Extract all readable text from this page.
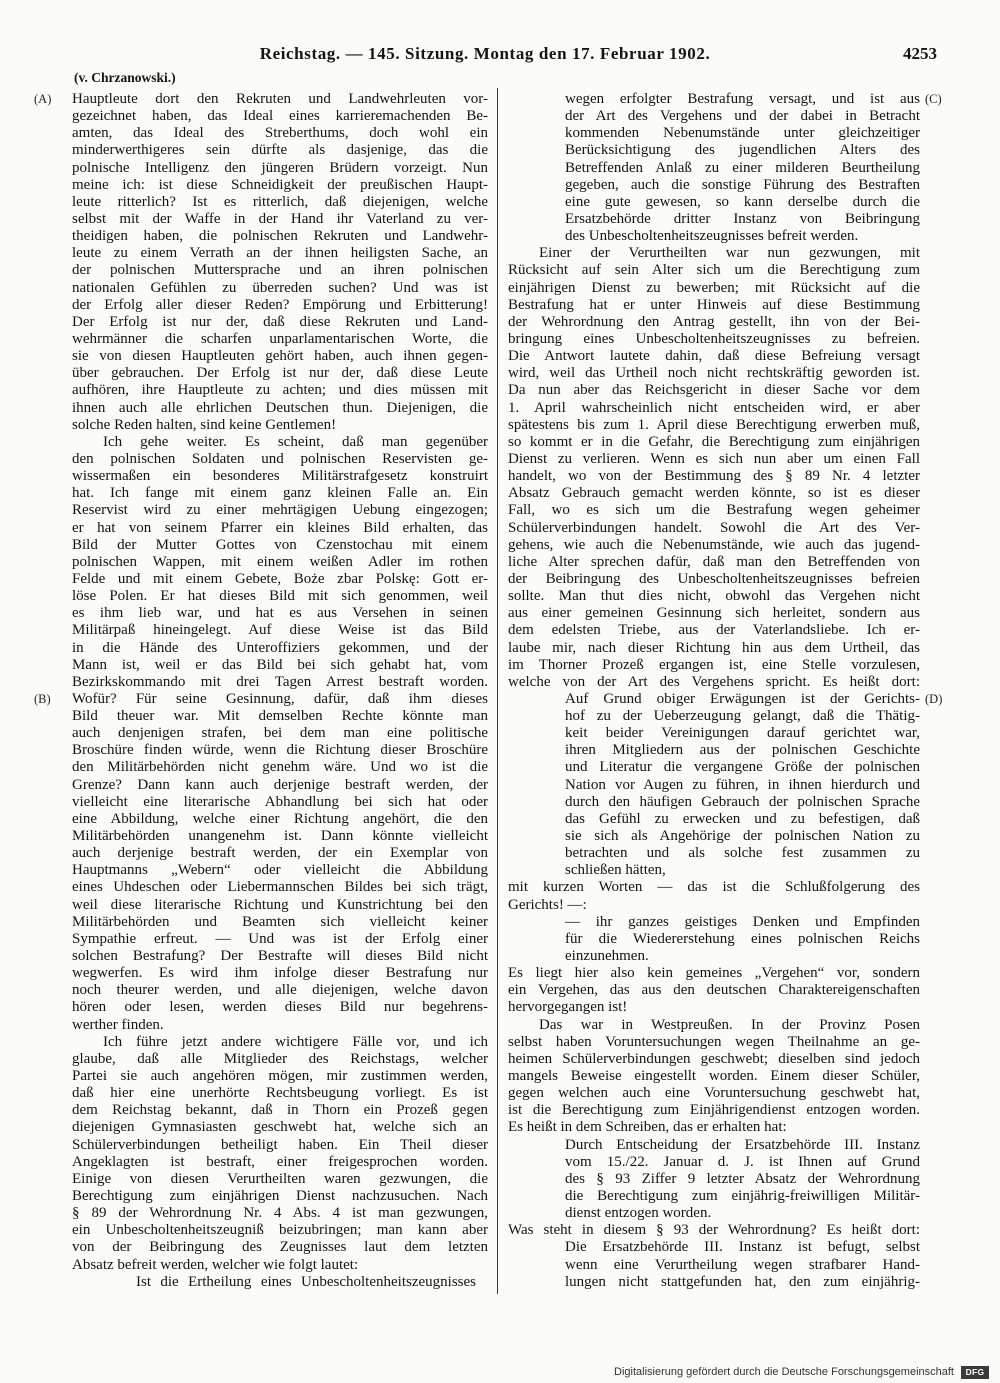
Reichstag. — 145. Sitzung. Montag den 17. Februar 1902.	4253
(v. Chrzanowski.)
(A)
(B)
(C)
(D)
Hauptleute dort den Rekruten und Landwehrleuten vor-
gezeichnet haben, das Ideal eines karrieremachenden Be-
amten, das Ideal des Streberthums, doch wohl ein
minderwerthigeres sein dürfte als dasjenige, das die
polnische Intelligenz den jüngeren Brüdern vorzeigt. Nun
meine ich: ist diese Schneidigkeit der preußischen Haupt-
leute ritterlich? Ist es ritterlich, daß diejenigen, welche
selbst mit der Waffe in der Hand ihr Vaterland zu ver-
theidigen haben, die polnischen Rekruten und Landwehr-
leute zu einem Verrath an der ihnen heiligsten Sache, an
der polnischen Muttersprache und an ihren polnischen
nationalen Gefühlen zu überreden suchen? Und was ist
der Erfolg aller dieser Reden? Empörung und Erbitterung!
Der Erfolg ist nur der, daß diese Rekruten und Land-
wehrmänner die scharfen unparlamentarischen Worte, die
sie von diesen Hauptleuten gehört haben, auch ihnen gegen-
über gebrauchen. Der Erfolg ist nur der, daß diese Leute
aufhören, ihre Hauptleute zu achten; und dies müssen mit
ihnen auch alle ehrlichen Deutschen thun. Diejenigen, die
solche Reden halten, sind keine Gentlemen!
Ich gehe weiter. Es scheint, daß man gegenüber
den polnischen Soldaten und polnischen Reservisten ge-
wissermaßen ein besonderes Militärstrafgesetz konstruirt
hat. Ich fange mit einem ganz kleinen Falle an. Ein
Reservist wird zu einer mehrtägigen Uebung eingezogen;
er hat von seinem Pfarrer ein kleines Bild erhalten, das
Bild der Mutter Gottes von Czenstochau mit einem
polnischen Wappen, mit einem weißen Adler im rothen
Felde und mit einem Gebete, Boże zbar Polskę: Gott er-
löse Polen. Er hat dieses Bild mit sich genommen, weil
es ihm lieb war, und hat es aus Versehen in seinen
Militärpaß hineingelegt. Auf diese Weise ist das Bild
in die Hände des Unteroffiziers gekommen, und der
Mann ist, weil er das Bild bei sich gehabt hat, vom
Bezirkskommando mit drei Tagen Arrest bestraft worden.
Wofür? Für seine Gesinnung, dafür, daß ihm dieses
Bild theuer war. Mit demselben Rechte könnte man
auch denjenigen strafen, bei dem man eine politische
Broschüre finden würde, wenn die Richtung dieser Broschüre
den Militärbehörden nicht genehm wäre. Und wo ist die
Grenze? Dann kann auch derjenige bestraft werden, der
vielleicht eine literarische Abhandlung bei sich hat oder
eine Abbildung, welche einer Richtung angehört, die den
Militärbehörden unangenehm ist. Dann könnte vielleicht
auch derjenige bestraft werden, der ein Exemplar von
Hauptmanns „Webern“ oder vielleicht die Abbildung
eines Uhdeschen oder Liebermannschen Bildes bei sich trägt,
weil diese literarische Richtung und Kunstrichtung bei den
Militärbehörden und Beamten sich vielleicht keiner
Sympathie erfreut. — Und was ist der Erfolg einer
solchen Bestrafung? Der Bestrafte will dieses Bild nicht
wegwerfen. Es wird ihm infolge dieser Bestrafung nur
noch theurer werden, und alle diejenigen, welche davon
hören oder lesen, werden dieses Bild nur begehrens-
werther finden.
Ich führe jetzt andere wichtigere Fälle vor, und ich
glaube, daß alle Mitglieder des Reichstags, welcher
Partei sie auch angehören mögen, mir zustimmen werden,
daß hier eine unerhörte Rechtsbeugung vorliegt. Es ist
dem Reichstag bekannt, daß in Thorn ein Prozeß gegen
diejenigen Gymnasiasten geschwebt hat, welche sich an
Schülerverbindungen betheiligt haben. Ein Theil dieser
Angeklagten ist bestraft, einer freigesprochen worden.
Einige von diesen Verurtheilten waren gezwungen, die
Berechtigung zum einjährigen Dienst nachzusuchen. Nach
§ 89 der Wehrordnung Nr. 4 Abs. 4 ist man gezwungen,
ein Unbescholtenheitszeugniß beizubringen; man kann aber
von der Beibringung des Zeugnisses laut dem letzten
Absatz befreit werden, welcher wie folgt lautet:
Ist die Ertheilung eines Unbescholtenheitszeugnisses
wegen erfolgter Bestrafung versagt, und ist aus
der Art des Vergehens und der dabei in Betracht
kommenden Nebenumstände unter gleichzeitiger
Berücksichtigung des jugendlichen Alters des
Betreffenden Anlaß zu einer milderen Beurtheilung
gegeben, auch die sonstige Führung des Bestraften
eine gute gewesen, so kann derselbe durch die
Ersatzbehörde dritter Instanz von Beibringung
des Unbescholtenheitszeugnisses befreit werden.
Einer der Verurtheilten war nun gezwungen, mit
Rücksicht auf sein Alter sich um die Berechtigung zum
einjährigen Dienst zu bewerben; mit Rücksicht auf die
Bestrafung hat er unter Hinweis auf diese Bestimmung
der Wehrordnung den Antrag gestellt, ihn von der Bei-
bringung eines Unbescholtenheitszeugnisses zu befreien.
Die Antwort lautete dahin, daß diese Befreiung versagt
wird, weil das Urtheil noch nicht rechtskräftig geworden ist.
Da nun aber das Reichsgericht in dieser Sache vor dem
1. April wahrscheinlich nicht entscheiden wird, er aber
spätestens bis zum 1. April diese Berechtigung erwerben muß,
so kommt er in die Gefahr, die Berechtigung zum einjährigen
Dienst zu verlieren. Wenn es sich nun aber um einen Fall
handelt, wo von der Bestimmung des § 89 Nr. 4 letzter
Absatz Gebrauch gemacht werden könnte, so ist es dieser
Fall, wo es sich um die Bestrafung wegen geheimer
Schülerverbindungen handelt. Sowohl die Art des Ver-
gehens, wie auch die Nebenumstände, wie auch das jugend-
liche Alter sprechen dafür, daß man den Betreffenden von
der Beibringung des Unbescholtenheitszeugnisses befreien
sollte. Man thut dies nicht, obwohl das Vergehen nicht
aus einer gemeinen Gesinnung sich herleitet, sondern aus
dem edelsten Triebe, aus der Vaterlandsliebe. Ich er-
laube mir, nach dieser Richtung hin aus dem Urtheil, das
im Thorner Prozeß ergangen ist, eine Stelle vorzulesen,
welche von der Art des Vergehens spricht. Es heißt dort:
Auf Grund obiger Erwägungen ist der Gerichts-
hof zu der Ueberzeugung gelangt, daß die Thätig-
keit beider Vereinigungen darauf gerichtet war,
ihren Mitgliedern aus der polnischen Geschichte
und Literatur die vergangene Größe der polnischen
Nation vor Augen zu führen, in ihnen hierdurch und
durch den häufigen Gebrauch der polnischen Sprache
das Gefühl zu erwecken und zu befestigen, daß
sie sich als Angehörige der polnischen Nation zu
betrachten und als solche fest zusammen zu
schließen hätten,
mit kurzen Worten — das ist die Schlußfolgerung des
Gerichts! —:
— ihr ganzes geistiges Denken und Empfinden
für die Wiedererstehung eines polnischen Reichs
einzunehmen.
Es liegt hier also kein gemeines „Vergehen“ vor, sondern
ein Vergehen, das aus den deutschen Charaktereigenschaften
hervorgegangen ist!
Das war in Westpreußen. In der Provinz Posen
selbst haben Voruntersuchungen wegen Theilnahme an ge-
heimen Schülerverbindungen geschwebt; dieselben sind jedoch
mangels Beweise eingestellt worden. Einem dieser Schüler,
gegen welchen auch eine Voruntersuchung geschwebt hat,
ist die Berechtigung zum Einjährigendienst entzogen worden.
Es heißt in dem Schreiben, das er erhalten hat:
Durch Entscheidung der Ersatzbehörde III. Instanz
vom 15./22. Januar d. J. ist Ihnen auf Grund
des § 93 Ziffer 9 letzter Absatz der Wehrordnung
die Berechtigung zum einjährig-freiwilligen Militär-
dienst entzogen worden.
Was steht in diesem § 93 der Wehrordnung? Es heißt dort:
Die Ersatzbehörde III. Instanz ist befugt, selbst
wenn eine Verurtheilung wegen strafbarer Hand-
lungen nicht stattgefunden hat, den zum einjährig-
Digitalisierung gefördert durch die Deutsche Forschungsgemeinschaft	DFG
